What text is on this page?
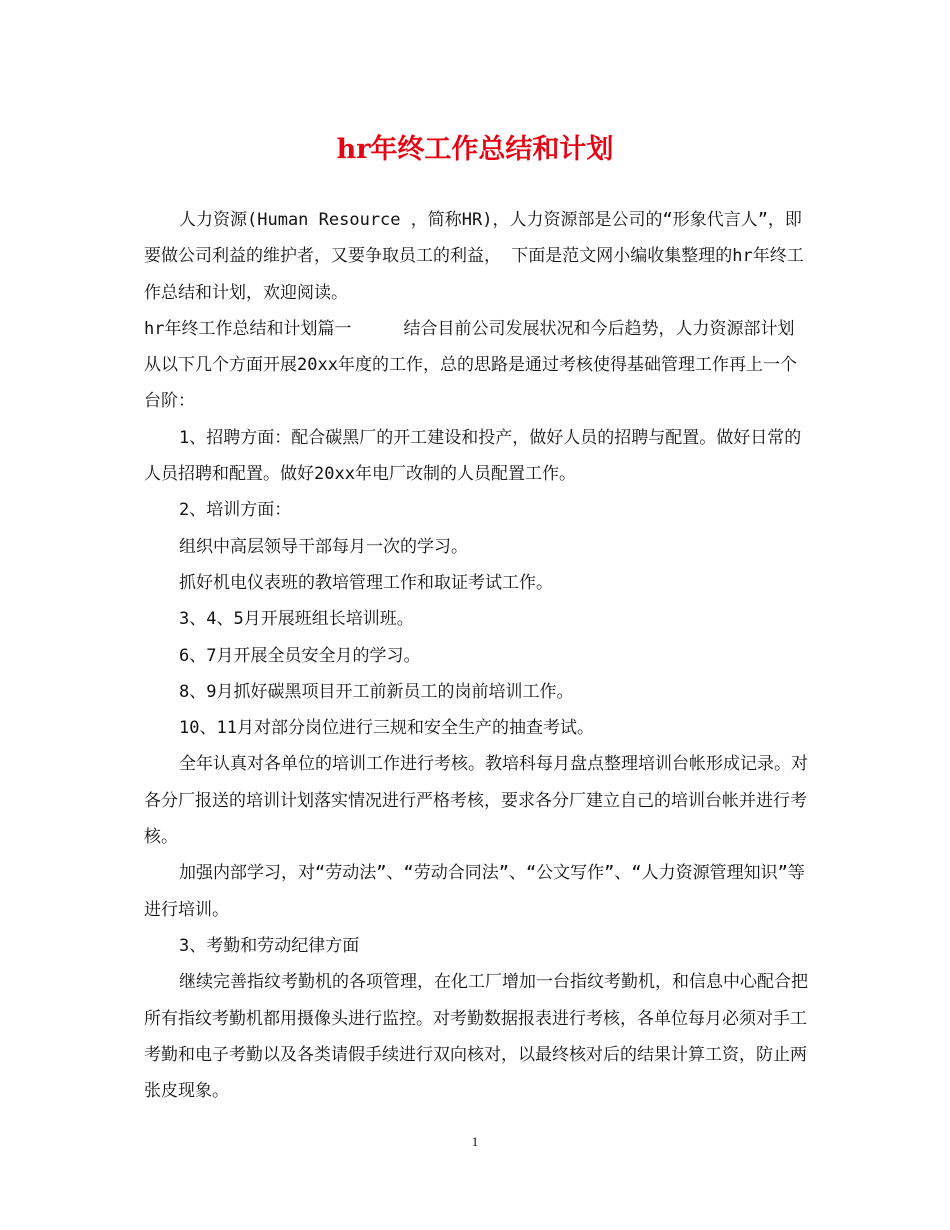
hr年终工作总结和计划

人力资源(Human Resource ，简称HR)，人力资源部是公司的“形象代言人”，即要做公司利益的维护者，又要争取员工的利益， 下面是范文网小编收集整理的hr年终工作总结和计划，欢迎阅读。

hr年终工作总结和计划篇一	结合目前公司发展状况和今后趋势，人力资源部计划从以下几个方面开展20xx年度的工作，总的思路是通过考核使得基础管理工作再上一个台阶：

1、招聘方面：配合碳黑厂的开工建设和投产，做好人员的招聘与配置。做好日常的人员招聘和配置。做好20xx年电厂改制的人员配置工作。

2、培训方面：

组织中高层领导干部每月一次的学习。

抓好机电仪表班的教培管理工作和取证考试工作。

3、4、5月开展班组长培训班。

6、7月开展全员安全月的学习。

8、9月抓好碳黑项目开工前新员工的岗前培训工作。

10、11月对部分岗位进行三规和安全生产的抽查考试。

全年认真对各单位的培训工作进行考核。教培科每月盘点整理培训台帐形成记录。对各分厂报送的培训计划落实情况进行严格考核，要求各分厂建立自己的培训台帐并进行考核。

加强内部学习，对“劳动法”、“劳动合同法”、“公文写作”、“人力资源管理知识”等进行培训。

3、考勤和劳动纪律方面

继续完善指纹考勤机的各项管理，在化工厂增加一台指纹考勤机，和信息中心配合把所有指纹考勤机都用摄像头进行监控。对考勤数据报表进行考核，各单位每月必须对手工考勤和电子考勤以及各类请假手续进行双向核对，以最终核对后的结果计算工资，防止两张皮现象。

1
